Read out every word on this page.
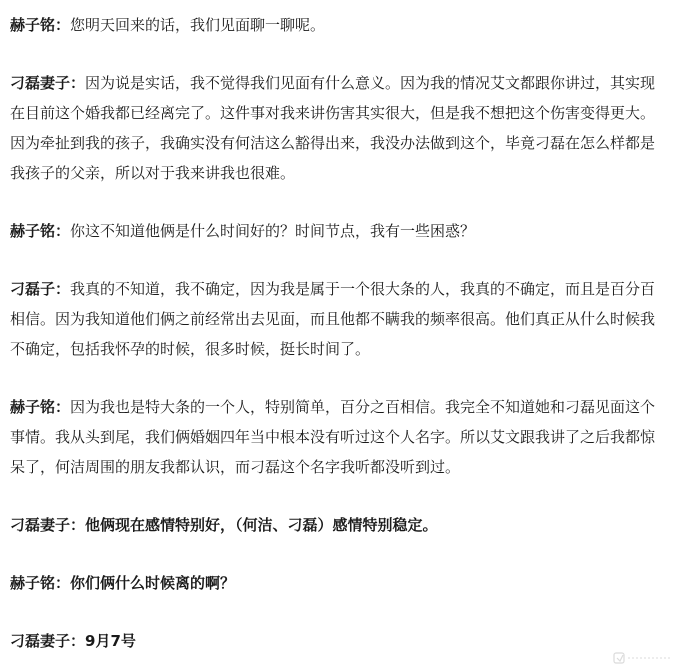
赫子铭：您明天回来的话，我们见面聊一聊呢。

刁磊妻子：因为说是实话，我不觉得我们见面有什么意义。因为我的情况艾文都跟你讲过，其实现在目前这个婚我都已经离完了。这件事对我来讲伤害其实很大，但是我不想把这个伤害变得更大。因为牵扯到我的孩子，我确实没有何洁这么豁得出来，我没办法做到这个，毕竟刁磊在怎么样都是我孩子的父亲，所以对于我来讲我也很难。

赫子铭：你这不知道他俩是什么时间好的？时间节点，我有一些困惑？

刁磊子：我真的不知道，我不确定，因为我是属于一个很大条的人，我真的不确定，而且是百分百相信。因为我知道他们俩之前经常出去见面，而且他都不瞒我的频率很高。他们真正从什么时候我不确定，包括我怀孕的时候，很多时候，挺长时间了。

赫子铭：因为我也是特大条的一个人，特别简单，百分之百相信。我完全不知道她和刁磊见面这个事情。我从头到尾，我们俩婚姻四年当中根本没有听过这个人名字。所以艾文跟我讲了之后我都惊呆了，何洁周围的朋友我都认识，而刁磊这个名字我听都没听到过。

刁磊妻子：他俩现在感情特别好，（何洁、刁磊）感情特别稳定。

赫子铭：你们俩什么时候离的啊？

刁磊妻子：9月7号
